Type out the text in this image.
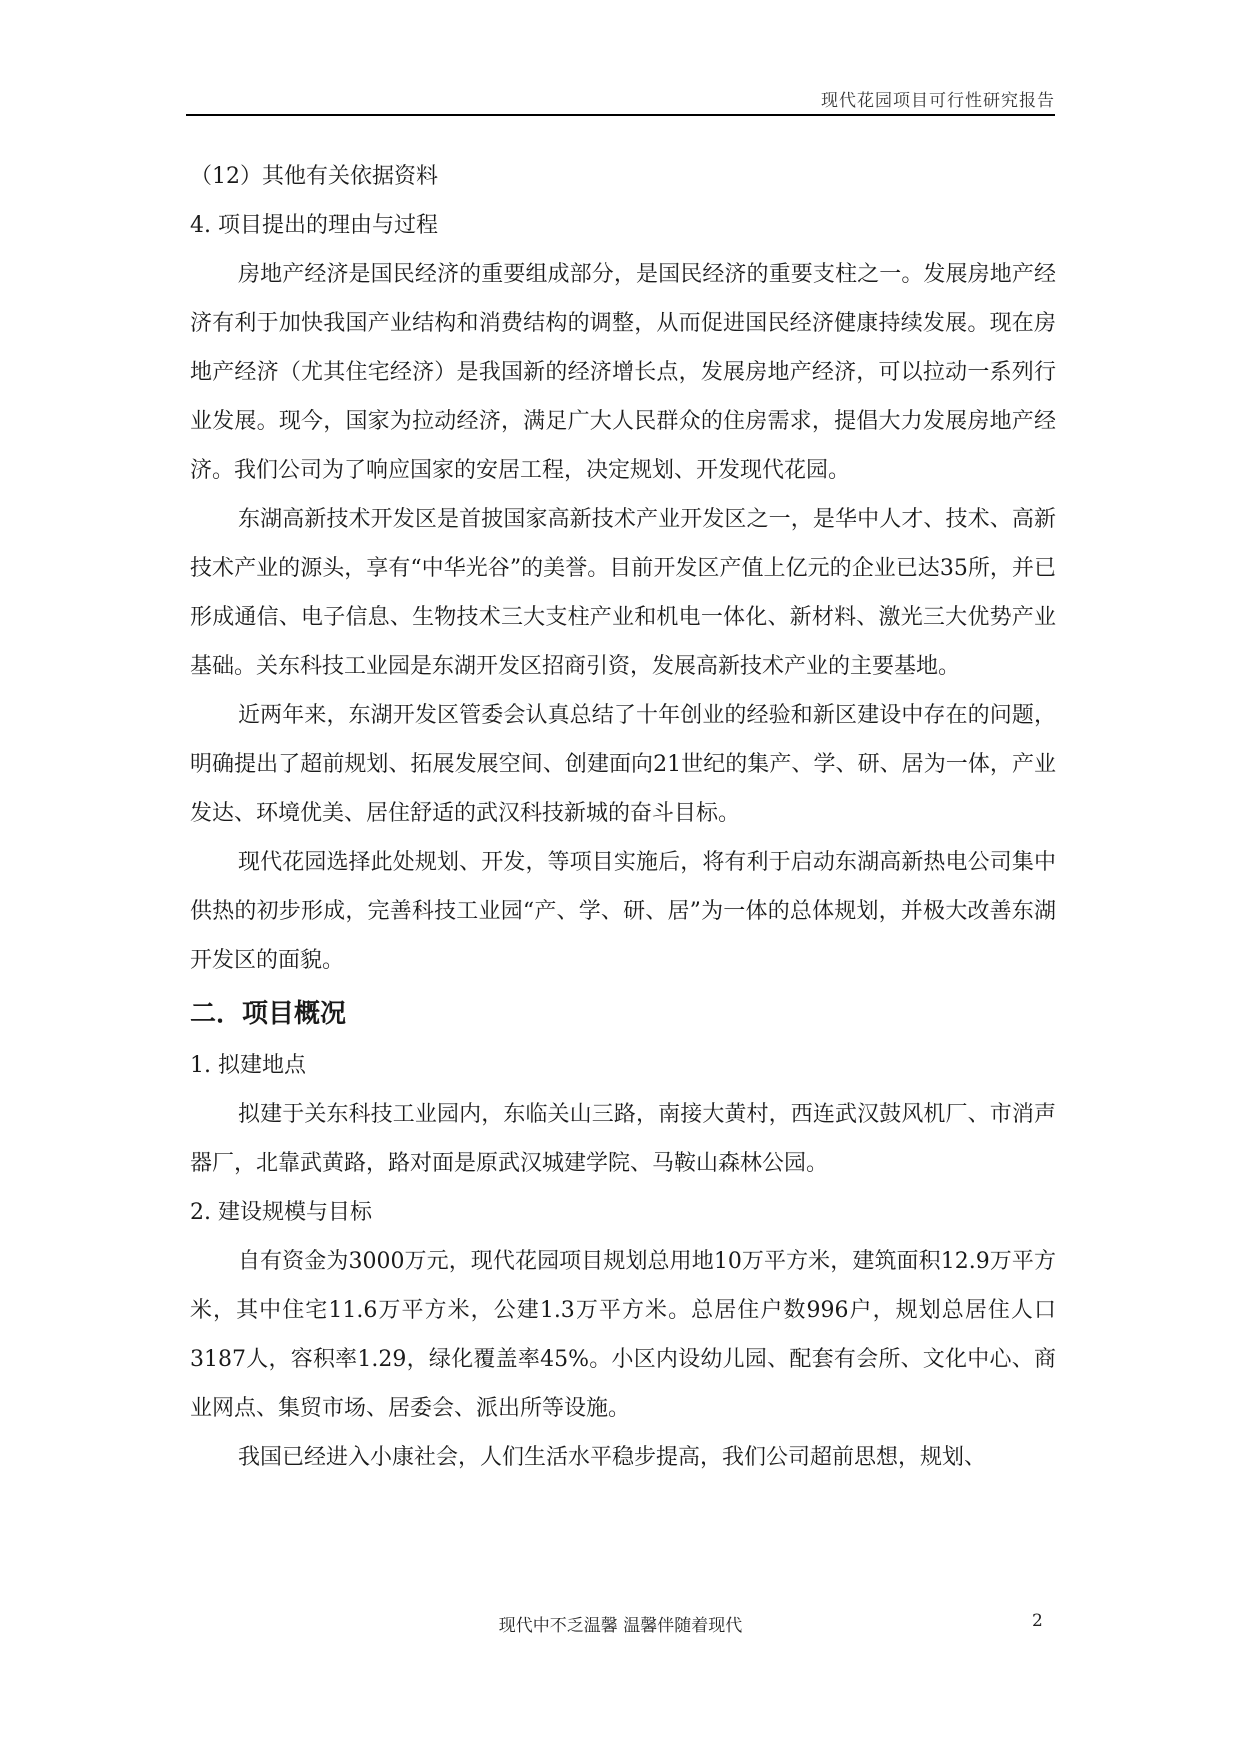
现代花园项目可行性研究报告

（12）其他有关依据资料

4. 项目提出的理由与过程

房地产经济是国民经济的重要组成部分，是国民经济的重要支柱之一。发展房地产经济有利于加快我国产业结构和消费结构的调整，从而促进国民经济健康持续发展。现在房地产经济（尤其住宅经济）是我国新的经济增长点，发展房地产经济，可以拉动一系列行业发展。现今，国家为拉动经济，满足广大人民群众的住房需求，提倡大力发展房地产经济。我们公司为了响应国家的安居工程，决定规划、开发现代花园。

东湖高新技术开发区是首披国家高新技术产业开发区之一，是华中人才、技术、高新技术产业的源头，享有“中华光谷”的美誉。目前开发区产值上亿元的企业已达35所，并已形成通信、电子信息、生物技术三大支柱产业和机电一体化、新材料、激光三大优势产业基础。关东科技工业园是东湖开发区招商引资，发展高新技术产业的主要基地。

近两年来，东湖开发区管委会认真总结了十年创业的经验和新区建设中存在的问题，明确提出了超前规划、拓展发展空间、创建面向21世纪的集产、学、研、居为一体，产业发达、环境优美、居住舒适的武汉科技新城的奋斗目标。

现代花园选择此处规划、开发，等项目实施后，将有利于启动东湖高新热电公司集中供热的初步形成，完善科技工业园“产、学、研、居”为一体的总体规划，并极大改善东湖开发区的面貌。

二．项目概况

1. 拟建地点

拟建于关东科技工业园内，东临关山三路，南接大黄村，西连武汉鼓风机厂、市消声器厂，北靠武黄路，路对面是原武汉城建学院、马鞍山森林公园。

2. 建设规模与目标

自有资金为3000万元，现代花园项目规划总用地10万平方米，建筑面积12.9万平方米，其中住宅11.6万平方米，公建1.3万平方米。总居住户数996户，规划总居住人口3187人，容积率1.29，绿化覆盖率45%。小区内设幼儿园、配套有会所、文化中心、商业网点、集贸市场、居委会、派出所等设施。

我国已经进入小康社会，人们生活水平稳步提高，我们公司超前思想，规划、

现代中不乏温馨 温馨伴随着现代	2
